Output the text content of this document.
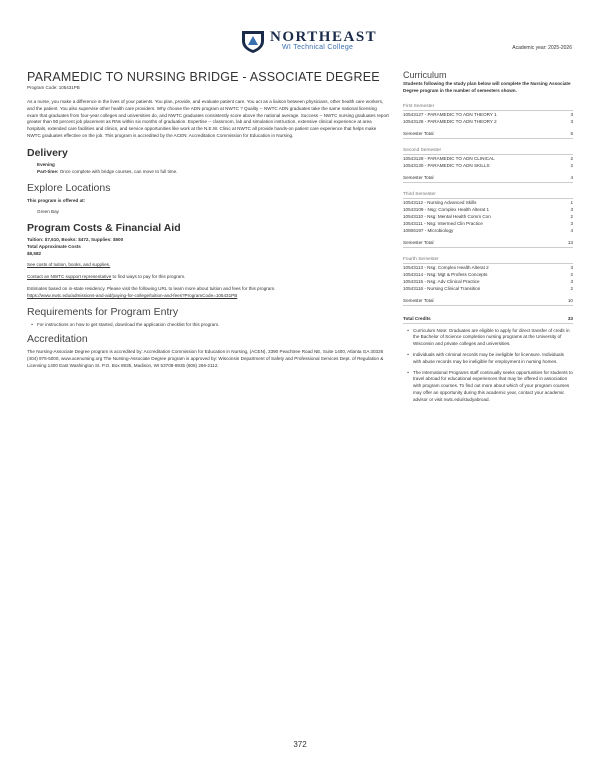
NORTHEAST
WI Technical College	Academic year: 2025-2026
PARAMEDIC TO NURSING BRIDGE - ASSOCIATE DEGREE
Program Code: 105431PB
As a nurse, you make a difference in the lives of your patients. You plan, provide, and evaluate patient care. You act as a liaison between physicians, other health care workers, and the patient. You also supervise other health care providers. Why choose the ADN program at NWTC ? Quality -- NWTC ADN graduates take the same national licensing exam that graduates from four-year colleges and universities do, and NWTC graduates consistently score above the national average. Success -- NWTC nursing graduates report greater than 90 percent job placement as RNs within six months of graduation. Expertise -- classroom, lab and simulation instruction, extensive clinical experience at area hospitals, extended care facilities and clinics, and service opportunities like work at the N.E.W. Clinic at NWTC all provide hands-on patient care experience that helps make NWTC graduates effective on the job. This program is accredited by the ACEN: Accreditation Commission for Education in Nursing.
Delivery
Evening
Part-time: Once complete with bridge courses, can move to full time.
Explore Locations
This program is offered at:
Green Bay
Program Costs & Financial Aid
Tuition: $7,610, Books: $472, Supplies: $500
Total Approximate Costs
$8,582
See costs of tuition, books, and supplies.
Contact an NWTC support representative to find ways to pay for this program.
Estimates based on in-state residency. Please visit the following URL to learn more about tuition and fees for this program.
https://www.nwtc.edu/admissions-and-aid/paying-for-college/tuition-and-fees?ProgramCode=105431PB
Requirements for Program Entry
• For instructions on how to get started, download the application checklist for this program.
Accreditation
The Nursing-Associate Degree program is accredited by: Accreditation Commission for Education in Nursing, (ACEN), 3390 Peachtree Road NE, Suite 1400, Atlanta GA 30326 (404) 975-5000, www.acenursing.org The Nursing-Associate Degree program is approved by: Wisconsin Department of Safety and Professional Services Dept. of Regulation & Licensing 1400 East Washington St. P.O. Box 8935, Madison, WI 53708-8935 (608) 266-2112.
Curriculum
Students following the study plan below will complete the Nursing Associate Degree program in the number of semesters shown.
First Semester
10543127 - PARAMEDIC TO ADN THEORY 1	3
10543128 - PARAMEDIC TO ADN THEORY 2	3
Semester Total	6
Second Semester
10543129 - PARAMEDIC TO ADN CLINICAL	2
10543130 - PARAMEDIC TO ADN SKILLS	2
Semester Total	4
Third Semester
10543112 - Nursing Advanced Skills	1
10543109 - Nsg: Complex Health Alterat 1	3
10543110 - Nsg: Mental Health Comm Con	2
10543111 - Nsg: Intermed Clin Practice	3
10806197 - Microbiology	4
Semester Total	13
Fourth Semester
10543113 - Nsg: Complex Health Alterat 2	3
10543114 - Nsg: Mgt & Profess Concepts	2
10543115 - Nsg: Adv Clinical Practice	3
10543116 - Nursing Clinical Transition	2
Semester Total	10
Total Credits	33
• Curriculum Note: Graduates are eligible to apply for direct transfer of credit in the Bachelor of Science completion nursing programs at the University of Wisconsin and private colleges and universities.
• Individuals with criminal records may be ineligible for licensure. Individuals with abuse records may be ineligible for employment in nursing homes.
• The International Programs staff continually seeks opportunities for students to travel abroad for educational experiences that may be offered in association with program courses. To find out more about which of your program courses may offer an opportunity during this academic year, contact your academic advisor or visit nwtc.edu/studyabroad.
372
